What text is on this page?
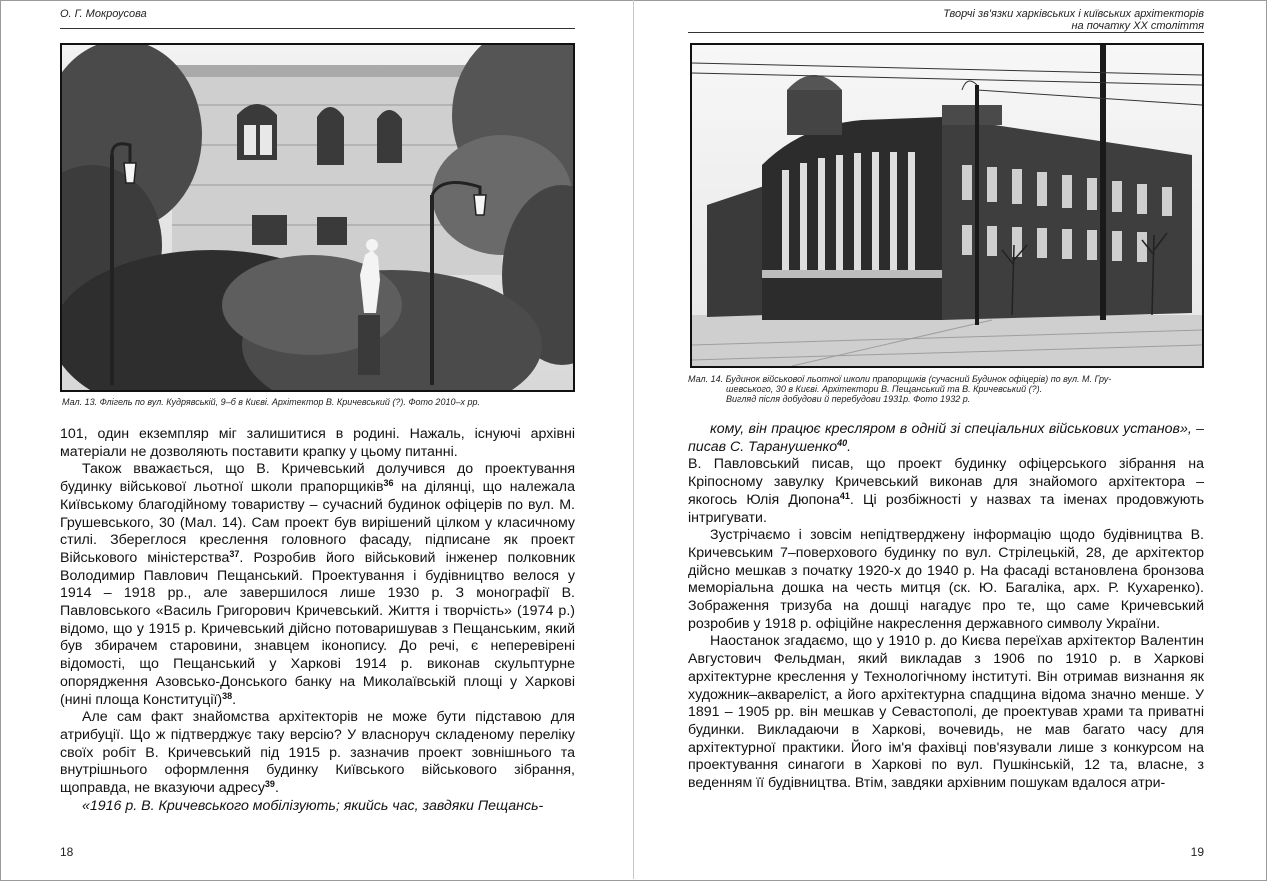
О. Г. Мокроусова
Мал. 13. Флігель по вул. Кудрявській, 9–б в Києві. Архітектор В. Кричевський (?). Фото 2010–х рр.

101, один екземпляр міг залишитися в родині. Нажаль, існуючі архівні матеріали не дозволяють поставити крапку у цьому питанні.

Також вважається, що В. Кричевський долучився до проектування будинку військової льотної школи прапорщиків$^{36}$ на ділянці, що належала Київському благодійному товариству – сучасний будинок офіцерів по вул. М. Грушевського, 30 (Мал. 14). Сам проект був вирішений цілком у класичному стилі. Збереглося креслення головного фасаду, підписане як проект Військового міністерства$^{37}$. Розробив його військовий інженер полковник Володимир Павлович Пещанський. Проектування і будівництво велося у 1914 – 1918 рр., але завершилося лише 1930 р. З монографії В. Павловського «Василь Григорович Кричевський. Життя і творчість» (1974 р.) відомо, що у 1915 р. Кричевський дійсно потоваришував з Пещанським, який був збирачем старовини, знавцем іконопису. До речі, є неперевірені відомості, що Пещанський у Харкові 1914 р. виконав скульптурне опорядження Азовсько-Донського банку на Миколаївській площі у Харкові (нині площа Конституції)$^{38}$.

Але сам факт знайомства архітекторів не може бути підставою для атрибуції. Що ж підтверджує таку версію? У власноруч складеному переліку своїх робіт В. Кричевський під 1915 р. зазначив проект зовнішнього та внутрішнього оформлення будинку Київського військового зібрання, щоправда, не вказуючи адресу$^{39}$.

«1916 р. В. Кричевського мобілізують; якийсь час, завдяки Пещансь-

18
Творчі зв'язки харківських і київських архітекторів
на початку ХХ століття
Мал. 14. Будинок військової льотної школи прапорщиків (сучасний Будинок офіцерів) по вул. М. Гру-
шевського, 30 в Києві. Архітектори В. Пещанський та В. Кричевський (?).
Вигляд після добудови й перебудови 1931р. Фото 1932 р.

кому, він працює кресляром в одній зі спеціальних військових установ», – писав С. Таранушенко$^{40}$.

В. Павловський писав, що проект будинку офіцерського зібрання на Кріпосному завулку Кричевський виконав для знайомого архітектора – якогось Юлія Дюпона$^{41}$. Ці розбіжності у назвах та іменах продовжують інтригувати.

Зустрічаємо і зовсім непідтверджену інформацію щодо будівництва В. Кричевським 7–поверхового будинку по вул. Стрілецькій, 28, де архітектор дійсно мешкав з початку 1920-х до 1940 р. На фасаді встановлена бронзова меморіальна дошка на честь митця (ск. Ю. Багаліка, арх. Р. Кухаренко). Зображення тризуба на дошці нагадує про те, що саме Кричевський розробив у 1918 р. офіційне накреслення державного символу України.

Наостанок згадаємо, що у 1910 р. до Києва переїхав архітектор Валентин Августович Фельдман, який викладав з 1906 по 1910 р. в Харкові архітектурне креслення у Технологічному інституті. Він отримав визнання як художник–аквареліст, а його архітектурна спадщина відома значно менше. У 1891 – 1905 рр. він мешкав у Севастополі, де проектував храми та приватні будинки. Викладаючи в Харкові, вочевидь, не мав багато часу для архітектурної практики. Його ім'я фахівці пов'язували лише з конкурсом на проектування синагоги в Харкові по вул. Пушкінській, 12 та, власне, з веденням її будівництва. Втім, завдяки архівним пошукам вдалося атри-

19
